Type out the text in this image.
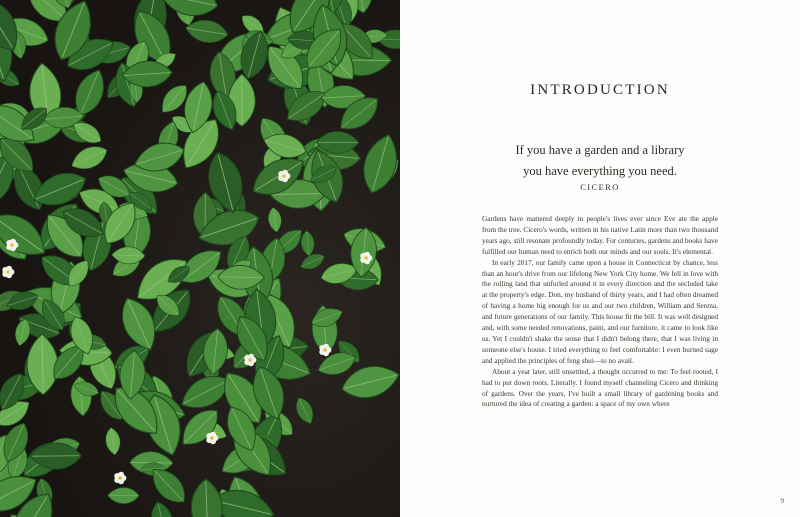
INTRODUCTION
If you have a garden and a library
you have everything you need.
CICERO

Gardens have mattered deeply in people's lives ever since Eve ate the apple from the tree. Cicero's words, written in his native Latin more than two thousand years ago, still resonate profoundly today. For centuries, gardens and books have fulfilled our human need to enrich both our minds and our souls. It's elemental.

In early 2017, our family came upon a house in Connecticut by chance, less than an hour's drive from our lifelong New York City home. We fell in love with the rolling land that unfurled around it in every direction and the secluded lake at the property's edge. Don, my husband of thirty years, and I had often dreamed of having a home big enough for us and our two children, William and Serena, and future generations of our family. This house fit the bill. It was well designed and, with some needed renovations, paint, and our furniture, it came to look like us. Yet I couldn't shake the sense that I didn't belong there, that I was living in someone else's house. I tried everything to feel comfortable: I even burned sage and applied the principles of feng shui—to no avail.

About a year later, still unsettled, a thought occurred to me: To feel rooted, I had to put down roots. Literally. I found myself channeling Cicero and thinking of gardens. Over the years, I've built a small library of gardening books and nurtured the idea of creating a garden: a space of my own where

9
